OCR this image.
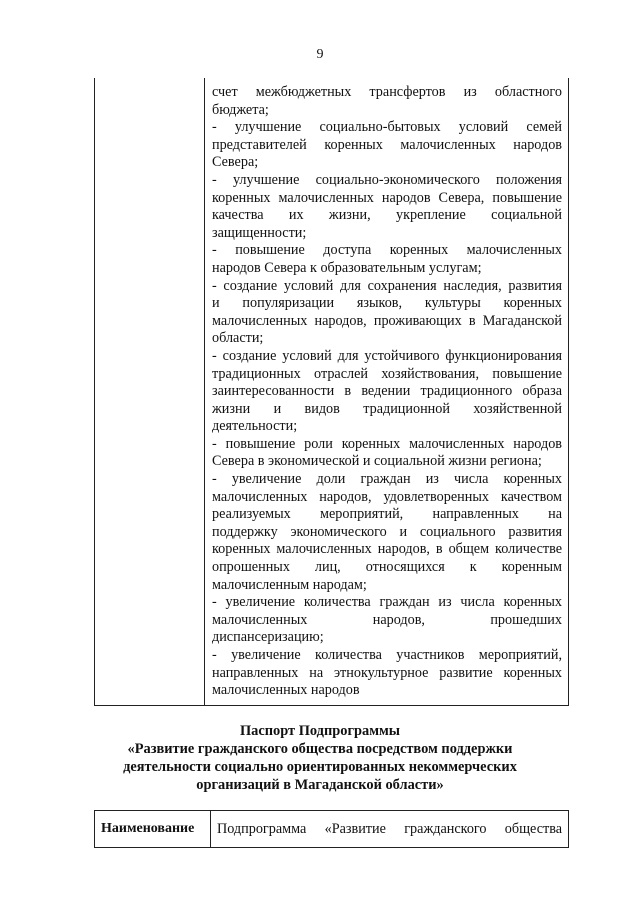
9
счет межбюджетных трансфертов из областного
бюджета;
- улучшение социально-бытовых условий семей
представителей коренных малочисленных народов
Севера;
- улучшение социально-экономического положения
коренных малочисленных народов Севера, повышение
качества их жизни, укрепление социальной
защищенности;
- повышение доступа коренных малочисленных
народов Севера к образовательным услугам;
- создание условий для сохранения наследия, развития
и популяризации языков, культуры коренных
малочисленных народов, проживающих в Магаданской
области;
- создание условий для устойчивого функционирования
традиционных отраслей хозяйствования, повышение
заинтересованности в ведении традиционного образа
жизни и видов традиционной хозяйственной
деятельности;
- повышение роли коренных малочисленных народов
Севера в экономической и социальной жизни региона;
- увеличение доли граждан из числа коренных
малочисленных народов, удовлетворенных качеством
реализуемых мероприятий, направленных на
поддержку экономического и социального развития
коренных малочисленных народов, в общем количестве
опрошенных лиц, относящихся к коренным
малочисленным народам;
- увеличение количества граждан из числа коренных
малочисленных народов, прошедших
диспансеризацию;
- увеличение количества участников мероприятий,
направленных на этнокультурное развитие коренных
малочисленных народов
Паспорт Подпрограммы
«Развитие гражданского общества посредством поддержки
деятельности социально ориентированных некоммерческих
организаций в Магаданской области»
Наименование Подпрограмма «Развитие гражданского общества
